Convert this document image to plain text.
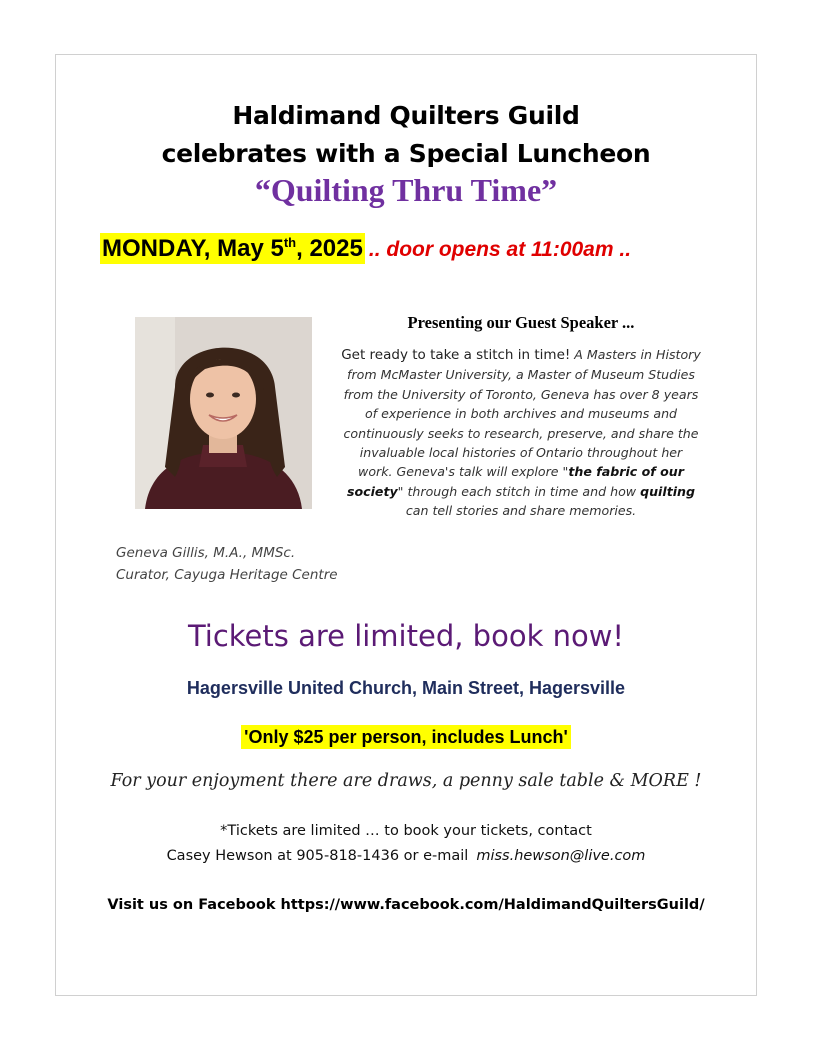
Haldimand Quilters Guild
celebrates with a Special Luncheon
“Quilting Thru Time”
MONDAY, May 5th, 2025 .. door opens at 11:00am ..
Presenting our Guest Speaker ...
Get ready to take a stitch in time! A Masters in History from McMaster University, a Master of Museum Studies from the University of Toronto, Geneva has over 8 years of experience in both archives and museums and continuously seeks to research, preserve, and share the invaluable local histories of Ontario throughout her work. Geneva's talk will explore "the fabric of our society" through each stitch in time and how quilting can tell stories and share memories.
Geneva Gillis, M.A., MMSc.
Curator, Cayuga Heritage Centre
Tickets are limited, book now!
Hagersville United Church, Main Street, Hagersville
'Only $25 per person, includes Lunch'
For your enjoyment there are draws, a penny sale table & MORE !
*Tickets are limited … to book your tickets, contact
Casey Hewson at 905-818-1436 or e-mail miss.hewson@live.com
Visit us on Facebook https://www.facebook.com/HaldimandQuiltersGuild/
